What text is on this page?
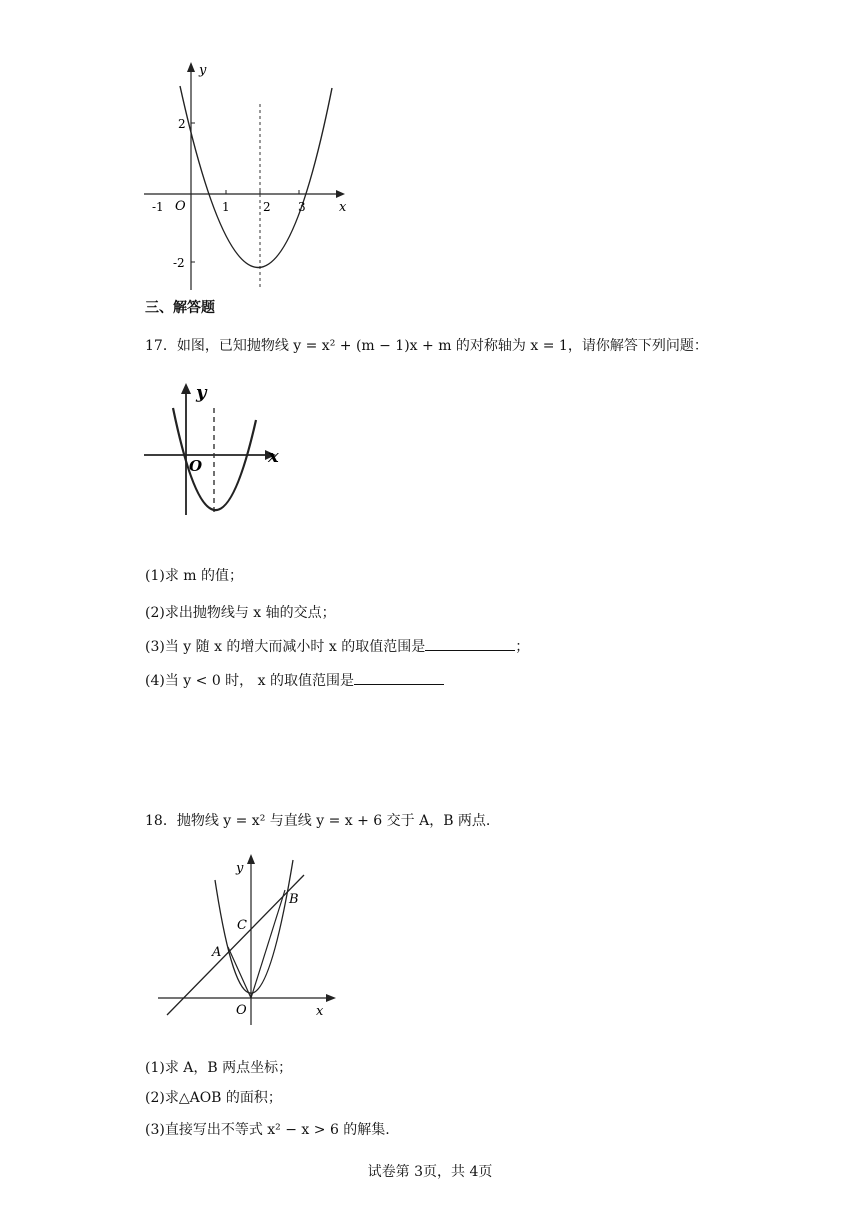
y
x
O
-1	1	2 3
2
-2
三、解答题
17．如图，已知抛物线 y = x² + (m − 1)x + m 的对称轴为 x = 1，请你解答下列问题：
y
x
O
(1)求 m 的值；
(2)求出抛物线与 x 轴的交点；
(3)当 y 随 x 的增大而减小时 x 的取值范围是	；
(4)当 y < 0 时， x 的取值范围是
18．抛物线 y = x² 与直线 y = x + 6 交于 A，B 两点.
y
x
O
A
B
C
(1)求 A，B 两点坐标；
(2)求△AOB 的面积；
(3)直接写出不等式 x² − x > 6 的解集.
试卷第 3页，共 4页
